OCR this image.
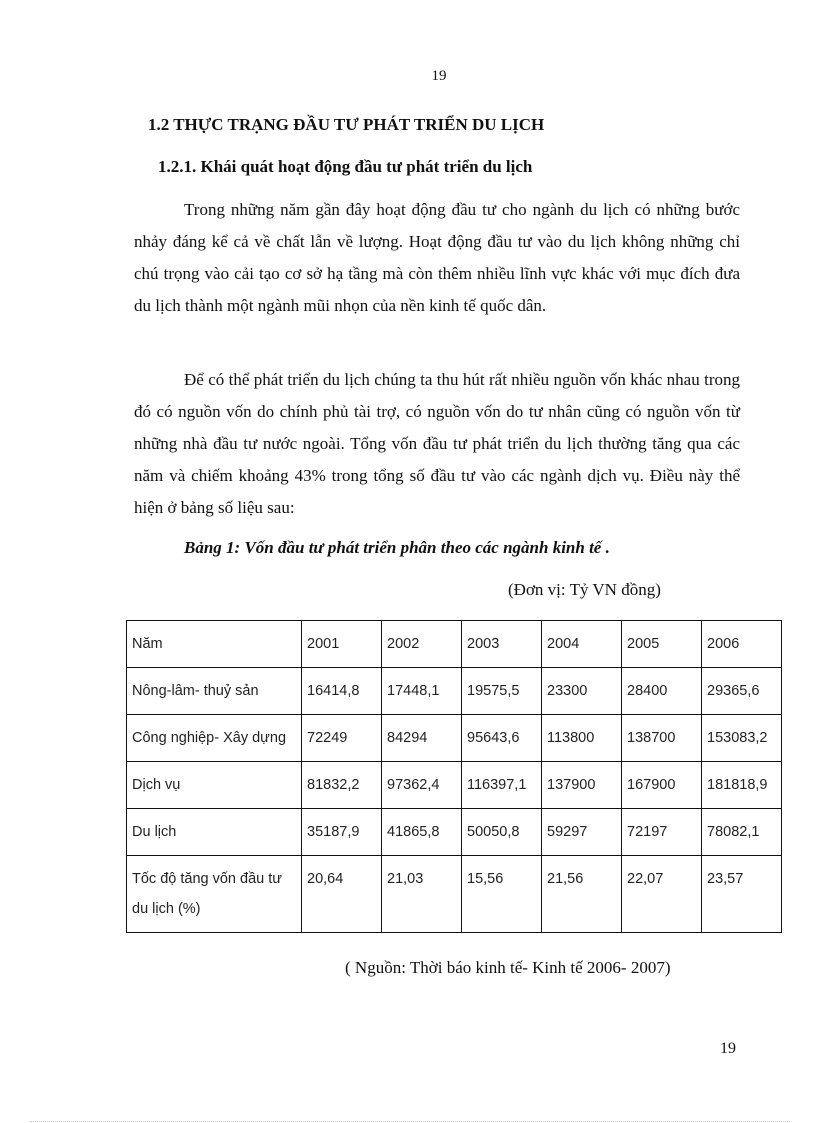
19
1.2 THỰC TRẠNG ĐẦU TƯ PHÁT TRIỂN DU LỊCH
1.2.1. Khái quát hoạt động đầu tư phát triển du lịch
Trong những năm gần đây hoạt động đầu tư cho ngành du lịch có những bước nhảy đáng kể cả về chất lẫn về lượng. Hoạt động đầu tư vào du lịch không những chỉ chú trọng vào cải tạo cơ sở hạ tầng mà còn thêm nhiều lĩnh vực khác với mục đích đưa du lịch thành một ngành mũi nhọn của nền kinh tế quốc dân.
Để có thể phát triển du lịch chúng ta thu hút rất nhiều nguồn vốn khác nhau trong đó có nguồn vốn do chính phủ tài trợ, có nguồn vốn do tư nhân cũng có nguồn vốn từ những nhà đầu tư nước ngoài. Tổng vốn đầu tư phát triển du lịch thường tăng qua các năm và chiếm khoảng 43% trong tổng số đầu tư vào các ngành dịch vụ. Điều này thể hiện ở bảng số liệu sau:
Bảng 1: Vốn đầu tư phát triển phân theo các ngành kinh tế .
(Đơn vị: Tỷ VN đồng)
Năm	2001	2002	2003	2004	2005	2006
Nông-lâm- thuỷ sản	16414,8	17448,1	19575,5	23300	28400	29365,6
Công nghiệp- Xây dựng	72249	84294	95643,6	113800	138700	153083,2
Dịch vụ	81832,2	97362,4	116397,1	137900	167900	181818,9
Du lịch	35187,9	41865,8	50050,8	59297	72197	78082,1
Tốc độ tăng vốn đầu tư du lịch (%)	20,64	21,03	15,56	21,56	22,07	23,57
( Nguồn: Thời báo kinh tế- Kinh tế 2006- 2007)
19
